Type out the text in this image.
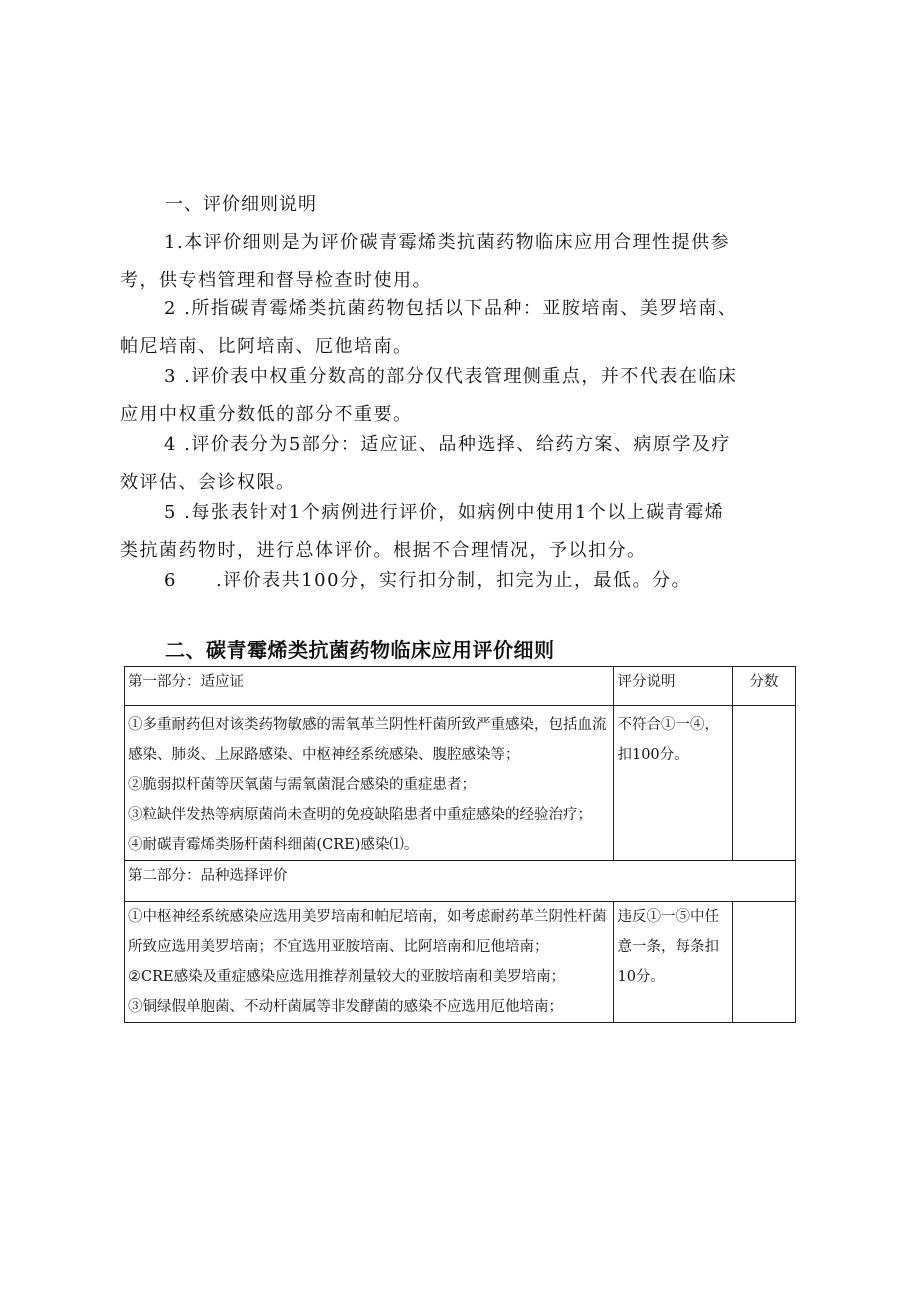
一、评价细则说明
1.本评价细则是为评价碳青霉烯类抗菌药物临床应用合理性提供参
考，供专档管理和督导检查时使用。
2 .所指碳青霉烯类抗菌药物包括以下品种：亚胺培南、美罗培南、
帕尼培南、比阿培南、厄他培南。
3 .评价表中权重分数高的部分仅代表管理侧重点，并不代表在临床
应用中权重分数低的部分不重要。
4 .评价表分为5部分：适应证、品种选择、给药方案、病原学及疗
效评估、会诊权限。
5 .每张表针对1个病例进行评价，如病例中使用1个以上碳青霉烯
类抗菌药物时，进行总体评价。根据不合理情况，予以扣分。
6　　.评价表共100分，实行扣分制，扣完为止，最低。分。
二、碳青霉烯类抗菌药物临床应用评价细则
第一部分：适应证	评分说明	分数

①多重耐药但对该类药物敏感的需氧革兰阴性杆菌所致严重感染，包括血流感染、肺炎、上尿路感染、中枢神经系统感染、腹腔感染等；
②脆弱拟杆菌等厌氧菌与需氧菌混合感染的重症患者；
③粒缺伴发热等病原菌尚未查明的免疫缺陷患者中重症感染的经验治疗；
④耐碳青霉烯类肠杆菌科细菌(CRE)感染⑴。	不符合①一④，扣100分。	

第二部分：品种选择评价		

①中枢神经系统感染应选用美罗培南和帕尼培南，如考虑耐药革兰阴性杆菌所致应选用美罗培南；不宜选用亚胺培南、比阿培南和厄他培南；
②CRE感染及重症感染应选用推荐剂量较大的亚胺培南和美罗培南；
③铜绿假单胞菌、不动杆菌属等非发酵菌的感染不应选用厄他培南；	违反①一⑤中任意一条，每条扣10分。	
